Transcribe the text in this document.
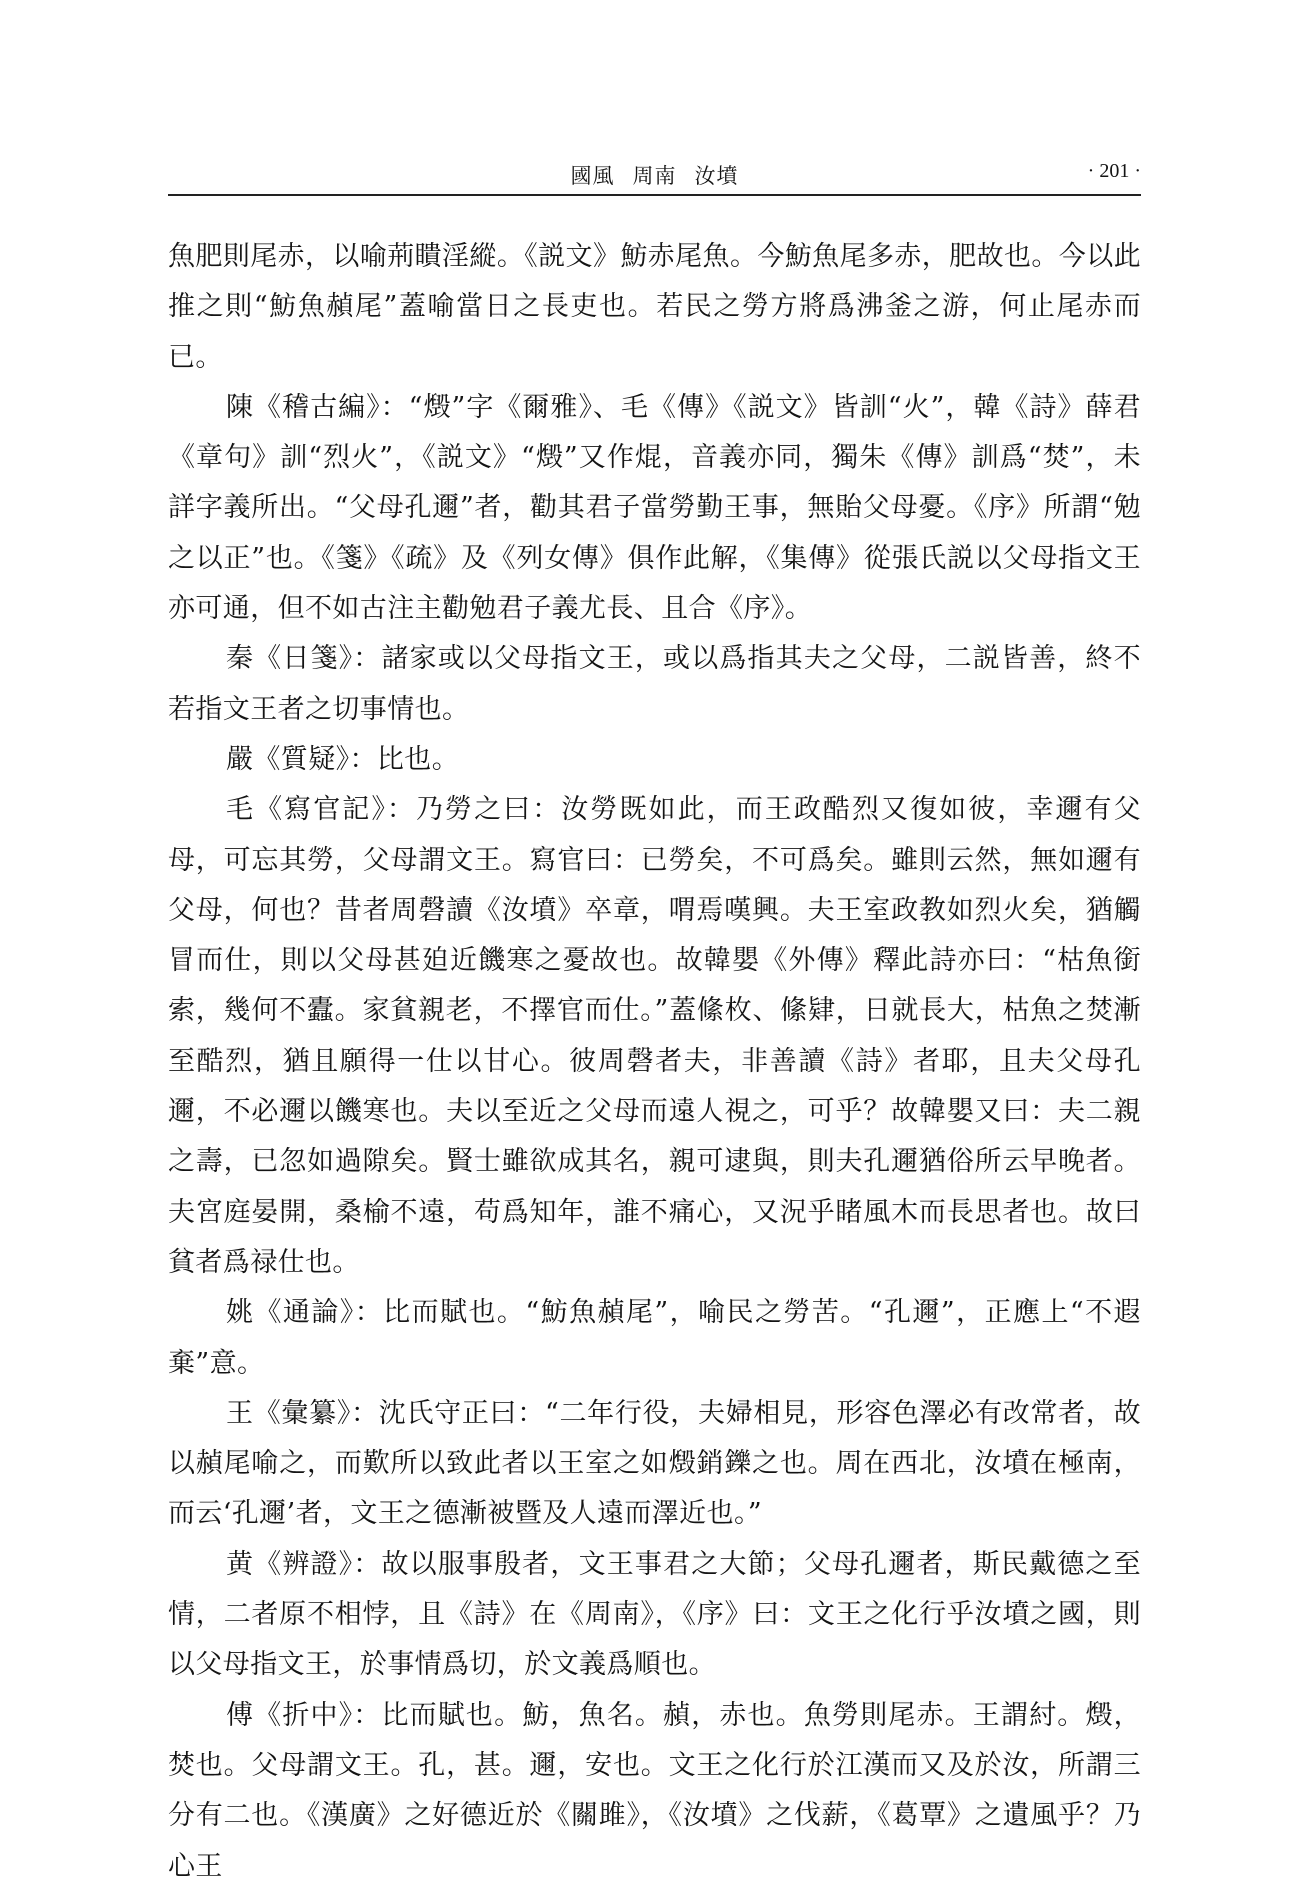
國風 周南 汝墳	· 201 ·

魚肥則尾赤，以喻荊瞶淫縱。《説文》魴赤尾魚。今魴魚尾多赤，肥故也。今以此推之則“魴魚赬尾”蓋喻當日之長吏也。若民之勞方將爲沸釜之游，何止尾赤而已。

陳《稽古編》：“燬”字《爾雅》、毛《傳》《説文》皆訓“火”，韓《詩》薛君《章句》訓“烈火”，《説文》“燬”又作焜，音義亦同，獨朱《傳》訓爲“焚”，未詳字義所出。“父母孔邇”者，勸其君子當勞勤王事，無貽父母憂。《序》所謂“勉之以正”也。《箋》《疏》及《列女傳》俱作此解，《集傳》從張氏説以父母指文王亦可通，但不如古注主勸勉君子義尤長、且合《序》。

秦《日箋》：諸家或以父母指文王，或以爲指其夫之父母，二説皆善，終不若指文王者之切事情也。

嚴《質疑》：比也。

毛《寫官記》：乃勞之曰：汝勞既如此，而王政酷烈又復如彼，幸邇有父母，可忘其勞，父母謂文王。寫官曰：已勞矣，不可爲矣。雖則云然，無如邇有父母，何也？昔者周磬讀《汝墳》卒章，喟焉嘆興。夫王室政教如烈火矣，猶觸冒而仕，則以父母甚廹近饑寒之憂故也。故韓嬰《外傳》釋此詩亦曰：“枯魚銜索，幾何不蠹。家貧親老，不擇官而仕。”蓋絛枚、絛肄，日就長大，枯魚之焚漸至酷烈，猶且願得一仕以甘心。彼周磬者夫，非善讀《詩》者耶，且夫父母孔邇，不必邇以饑寒也。夫以至近之父母而遠人視之，可乎？故韓嬰又曰：夫二親之壽，已忽如過隙矣。賢士雖欲成其名，親可逮與，則夫孔邇猶俗所云早晚者。夫宮庭晏開，桑榆不遠，苟爲知年，誰不痛心，又況乎睹風木而長思者也。故曰貧者爲禄仕也。

姚《通論》：比而賦也。“魴魚赬尾”，喻民之勞苦。“孔邇”，正應上“不遐棄”意。

王《彙纂》：沈氏守正曰：“二年行役，夫婦相見，形容色澤必有改常者，故以赬尾喻之，而歎所以致此者以王室之如燬銷鑠之也。周在西北，汝墳在極南，而云‘孔邇’者，文王之德漸被暨及人遠而澤近也。”

黄《辨證》：故以服事殷者，文王事君之大節；父母孔邇者，斯民戴德之至情，二者原不相悖，且《詩》在《周南》，《序》曰：文王之化行乎汝墳之國，則以父母指文王，於事情爲切，於文義爲順也。

傅《折中》：比而賦也。魴，魚名。赬，赤也。魚勞則尾赤。王謂紂。燬，焚也。父母謂文王。孔，甚。邇，安也。文王之化行於江漢而又及於汝，所謂三分有二也。《漢廣》之好德近於《關雎》，《汝墳》之伐薪，《葛覃》之遺風乎？乃心王
